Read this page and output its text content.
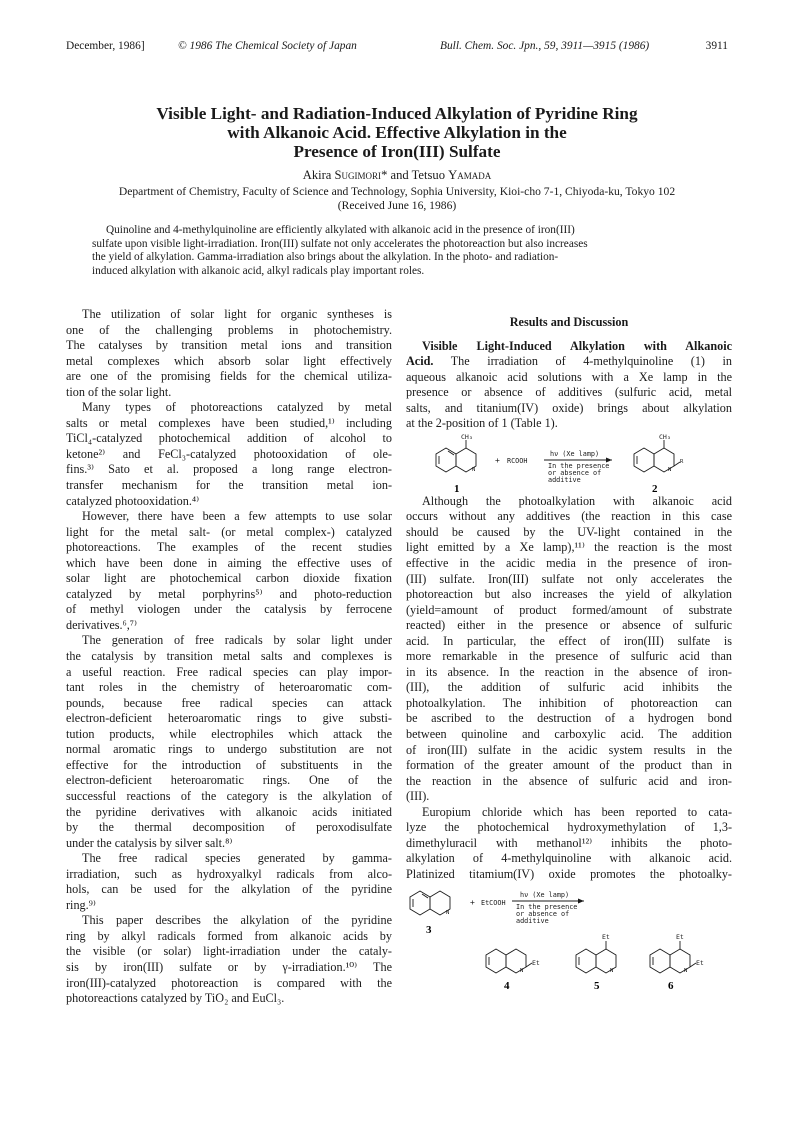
December, 1986]	© 1986 The Chemical Society of Japan	Bull. Chem. Soc. Jpn., 59, 3911—3915 (1986)	3911
Visible Light- and Radiation-Induced Alkylation of Pyridine Ring
with Alkanoic Acid. Effective Alkylation in the
Presence of Iron(III) Sulfate
Akira Sugimori* and Tetsuo Yamada
Department of Chemistry, Faculty of Science and Technology, Sophia University, Kioi-cho 7-1, Chiyoda-ku, Tokyo 102
(Received June 16, 1986)
Quinoline and 4-methylquinoline are efficiently alkylated with alkanoic acid in the presence of iron(III)
sulfate upon visible light-irradiation. Iron(III) sulfate not only accelerates the photoreaction but also increases
the yield of alkylation. Gamma-irradiation also brings about the alkylation. In the photo- and radiation-
induced alkylation with alkanoic acid, alkyl radicals play important roles.
The utilization of solar light for organic syntheses is
one of the challenging problems in photochemistry.
The catalyses by transition metal ions and transition
metal complexes which absorb solar light effectively
are one of the promising fields for the chemical utiliza-
tion of the solar light.
Many types of photoreactions catalyzed by metal
salts or metal complexes have been studied,¹⁾ including
TiCl₄-catalyzed photochemical addition of alcohol to
ketone²⁾ and FeCl₃-catalyzed photooxidation of ole-
fins.³⁾ Sato et al. proposed a long range electron-
transfer mechanism for the transition metal ion-
catalyzed photooxidation.⁴⁾
However, there have been a few attempts to use solar
light for the metal salt- (or metal complex-) catalyzed
photoreactions. The examples of the recent studies
which have been done in aiming the effective uses of
solar light are photochemical carbon dioxide fixation
catalyzed by metal porphyrins⁵⁾ and photo-reduction
of methyl viologen under the catalysis by ferrocene
derivatives.⁶,⁷⁾
The generation of free radicals by solar light under
the catalysis by transition metal salts and complexes is
a useful reaction. Free radical species can play impor-
tant roles in the chemistry of heteroaromatic com-
pounds, because free radical species can attack
electron-deficient heteroaromatic rings to give substi-
tution products, while electrophiles which attack the
normal aromatic rings to undergo substitution are not
effective for the introduction of substituents in the
electron-deficient heteroaromatic rings. One of the
successful reactions of the category is the alkylation of
the pyridine derivatives with alkanoic acids initiated
by the thermal decomposition of peroxodisulfate
under the catalysis by silver salt.⁸⁾
The free radical species generated by gamma-
irradiation, such as hydroxyalkyl radicals from alco-
hols, can be used for the alkylation of the pyridine
ring.⁹⁾
This paper describes the alkylation of the pyridine
ring by alkyl radicals formed from alkanoic acids by
the visible (or solar) light-irradiation under the cataly-
sis by iron(III) sulfate or by γ-irradiation.¹⁰⁾ The
iron(III)-catalyzed photoreaction is compared with the
photoreactions catalyzed by TiO₂ and EuCl₃.
Results and Discussion
Visible Light-Induced Alkylation with Alkanoic
Acid. The irradiation of 4-methylquinoline (1) in
aqueous alkanoic acid solutions with a Xe lamp in the
presence or absence of additives (sulfuric acid, metal
salts, and titanium(IV) oxide) brings about alkylation
at the 2-position of 1 (Table 1).
CH₃
N
+ RCOOH
hν (Xe lamp)
In the presence
or absence of
additive
CH₃
N
R
1	2
Although the photoalkylation with alkanoic acid
occurs without any additives (the reaction in this case
should be caused by the UV-light contained in the
light emitted by a Xe lamp),¹¹⁾ the reaction is the most
effective in the acidic media in the presence of iron-
(III) sulfate. Iron(III) sulfate not only accelerates the
photoreaction but also increases the yield of alkylation
(yield=amount of product formed/amount of substrate
reacted) either in the presence or absence of sulfuric
acid. In particular, the effect of iron(III) sulfate is
more remarkable in the presence of sulfuric acid than
in its absence. In the reaction in the absence of iron-
(III), the addition of sulfuric acid inhibits the
photoalkylation. The inhibition of photoreaction can
be ascribed to the destruction of a hydrogen bond
between quinoline and carboxylic acid. The addition
of iron(III) sulfate in the acidic system results in the
formation of the greater amount of the product than in
the reaction in the absence of sulfuric acid and iron-
(III).
Europium chloride which has been reported to cata-
lyze the photochemical hydroxymethylation of 1,3-
dimethyluracil with methanol¹²⁾ inhibits the photo-
alkylation of 4-methylquinoline with alkanoic acid.
Platinized titamium(IV) oxide promotes the photoalky-
N
+ EtCOOH
hν (Xe lamp)
In the presence
or absence of
additive
3
N
Et
4
Et
N
5
Et
N
Et
6
